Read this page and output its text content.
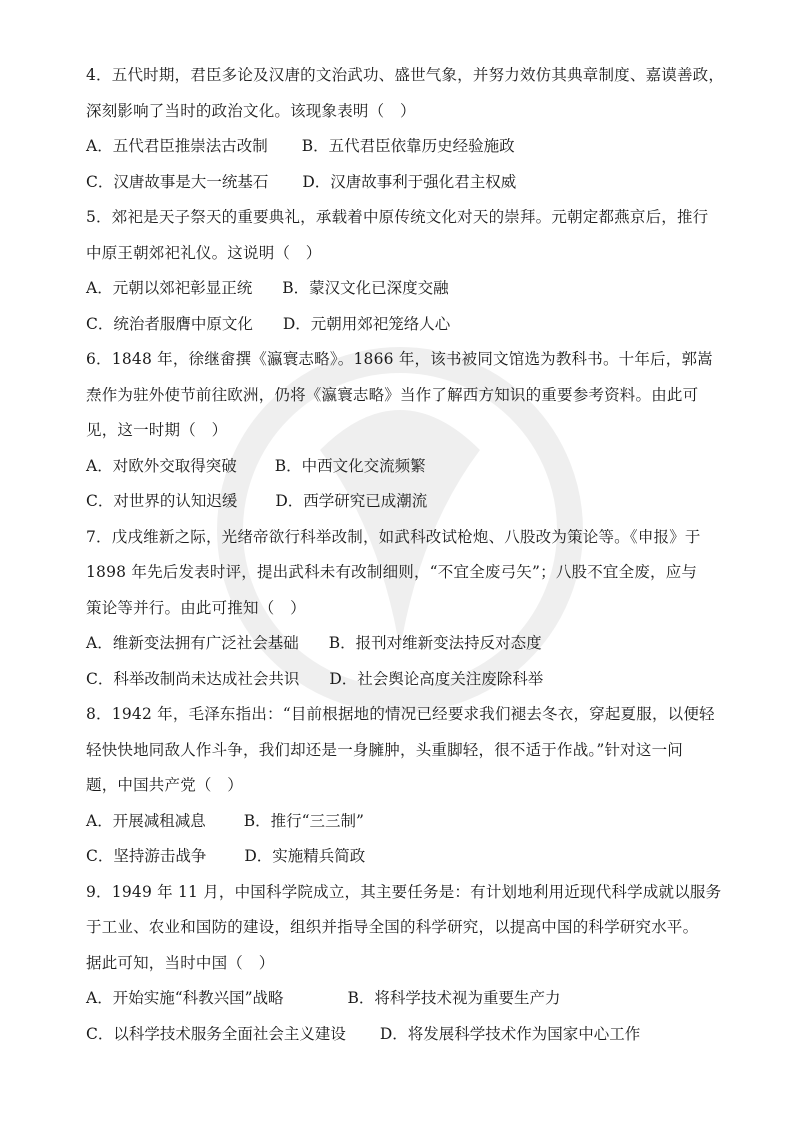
4．五代时期，君臣多论及汉唐的文治武功、盛世气象，并努力效仿其典章制度、嘉谟善政，
深刻影响了当时的政治文化。该现象表明（　）
A．五代君臣推崇法古改制 B．五代君臣依靠历史经验施政
C．汉唐故事是大一统基石 D．汉唐故事利于强化君主权威
5．郊祀是天子祭天的重要典礼，承载着中原传统文化对天的崇拜。元朝定都燕京后，推行
中原王朝郊祀礼仪。这说明（　）
A．元朝以郊祀彰显正统 B．蒙汉文化已深度交融
C．统治者服膺中原文化 D．元朝用郊祀笼络人心
6．1848 年，徐继畲撰《瀛寰志略》。1866 年，该书被同文馆选为教科书。十年后，郭嵩
焘作为驻外使节前往欧洲，仍将《瀛寰志略》当作了解西方知识的重要参考资料。由此可
见，这一时期（　）
A．对欧外交取得突破 B．中西文化交流频繁
C．对世界的认知迟缓 D．西学研究已成潮流
7．戊戌维新之际，光绪帝欲行科举改制，如武科改试枪炮、八股改为策论等。《申报》于
1898 年先后发表时评，提出武科未有改制细则，“不宜全废弓矢”；八股不宜全废，应与
策论等并行。由此可推知（　）
A．维新变法拥有广泛社会基础 B．报刊对维新变法持反对态度
C．科举改制尚未达成社会共识 D．社会舆论高度关注废除科举
8．1942 年，毛泽东指出：“目前根据地的情况已经要求我们褪去冬衣，穿起夏服，以便轻
轻快快地同敌人作斗争，我们却还是一身臃肿，头重脚轻，很不适于作战。”针对这一问
题，中国共产党（　）
A．开展减租减息 B．推行“三三制”
C．坚持游击战争 D．实施精兵简政
9．1949 年 11 月，中国科学院成立，其主要任务是：有计划地利用近现代科学成就以服务
于工业、农业和国防的建设，组织并指导全国的科学研究，以提高中国的科学研究水平。
据此可知，当时中国（　）
A．开始实施“科教兴国”战略	B．将科学技术视为重要生产力
C．以科学技术服务全面社会主义建设 D．将发展科学技术作为国家中心工作
